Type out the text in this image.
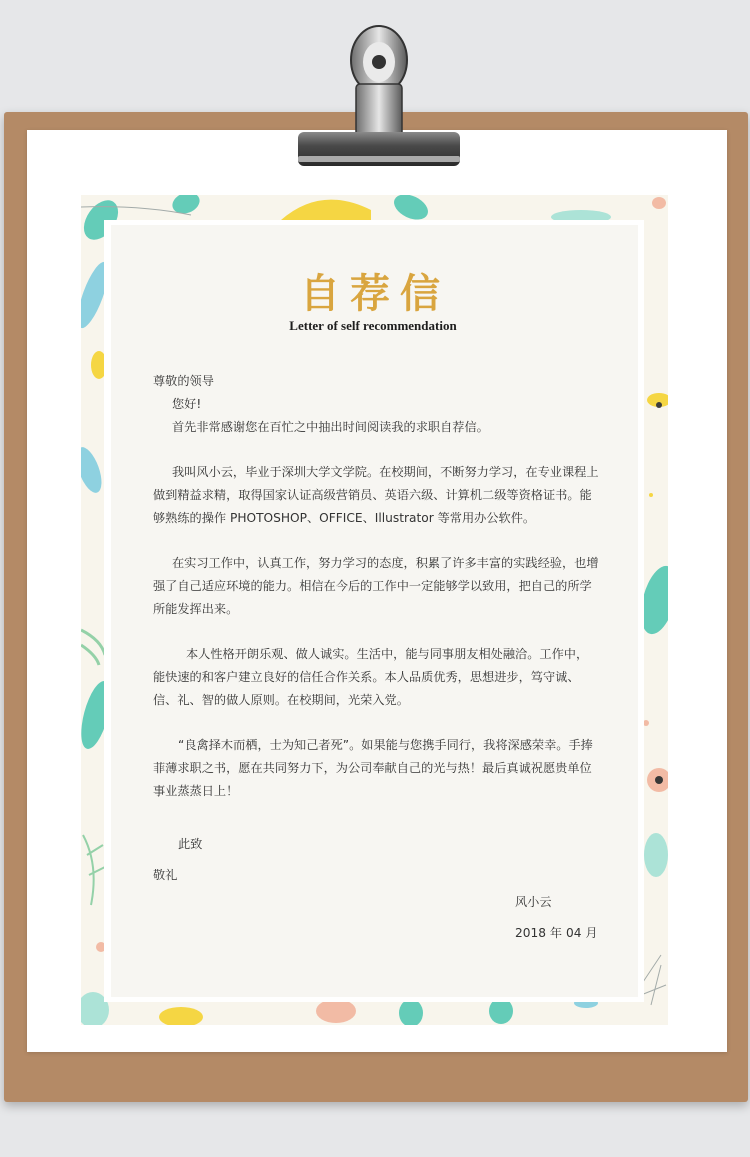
自荐信
Letter of self recommendation

尊敬的领导

您好!

首先非常感谢您在百忙之中抽出时间阅读我的求职自荐信。

我叫风小云，毕业于深圳大学文学院。在校期间，不断努力学习，在专业课程上做到精益求精，取得国家认证高级营销员、英语六级、计算机二级等资格证书。能够熟练的操作 PHOTOSHOP、OFFICE、Illustrator 等常用办公软件。

在实习工作中，认真工作，努力学习的态度，积累了许多丰富的实践经验，也增强了自己适应环境的能力。相信在今后的工作中一定能够学以致用，把自己的所学所能发挥出来。

本人性格开朗乐观、做人诚实。生活中，能与同事朋友相处融洽。工作中，能快速的和客户建立良好的信任合作关系。本人品质优秀，思想进步，笃守诚、信、礼、智的做人原则。在校期间，光荣入党。

“良禽择木而栖，士为知己者死”。如果能与您携手同行，我将深感荣幸。手捧菲薄求职之书，愿在共同努力下，为公司奉献自己的光与热！最后真诚祝愿贵单位事业蒸蒸日上！

此致

敬礼

风小云
2018 年 04 月
